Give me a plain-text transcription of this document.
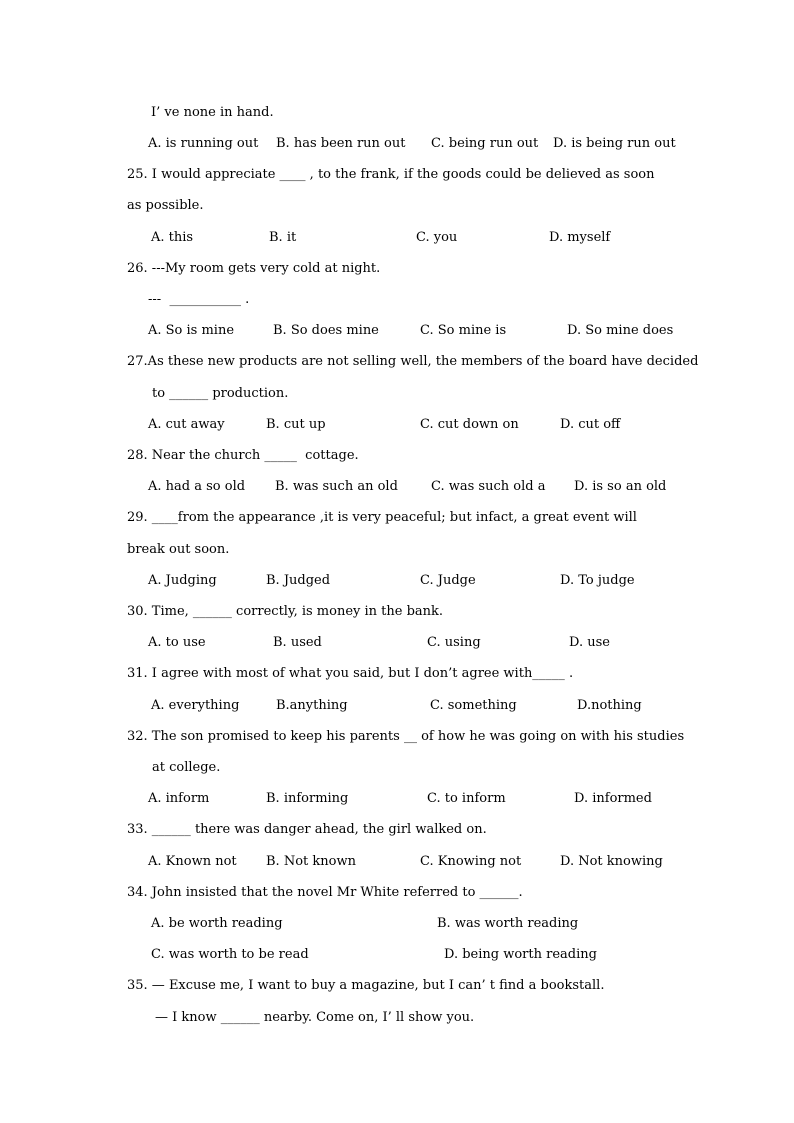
I’ ve none in hand.
A. is running out B. has been run out C. being run out D. is being run out
25. I would appreciate ____ , to the frank, if the goods could be delieved as soon
as possible.
A. this	B. it	C. you	D. myself
26. ---My room gets very cold at night.
---  ___________ .
A. So is mine	B. So does mine	C. So mine is	D. So mine does
27.As these new products are not selling well, the members of the board have decided
to ______ production.
A. cut away	B. cut up	C. cut down on	D. cut off
28. Near the church _____  cottage.
A. had a so old B. was such an old	C. was such old a D. is so an old
29. ____from the appearance ,it is very peaceful; but infact, a great event will
break out soon.
A. Judging	B. Judged	C. Judge	D. To judge
30. Time, ______ correctly, is money in the bank.
A. to use	B. used	C. using	D. use
31. I agree with most of what you said, but I don’t agree with_____ .
A. everything	B.anything	C. something	D.nothing
32. The son promised to keep his parents __ of how he was going on with his studies
at college.
A. inform	B. informing	C. to inform	D. informed
33. ______ there was danger ahead, the girl walked on.
A. Known not B. Not known	C. Knowing not	D. Not knowing
34. John insisted that the novel Mr White referred to ______.
A. be worth reading	B. was worth reading
C. was worth to be read	D. being worth reading
35. — Excuse me, I want to buy a magazine, but I can’ t find a bookstall.
— I know ______ nearby. Come on, I’ ll show you.
